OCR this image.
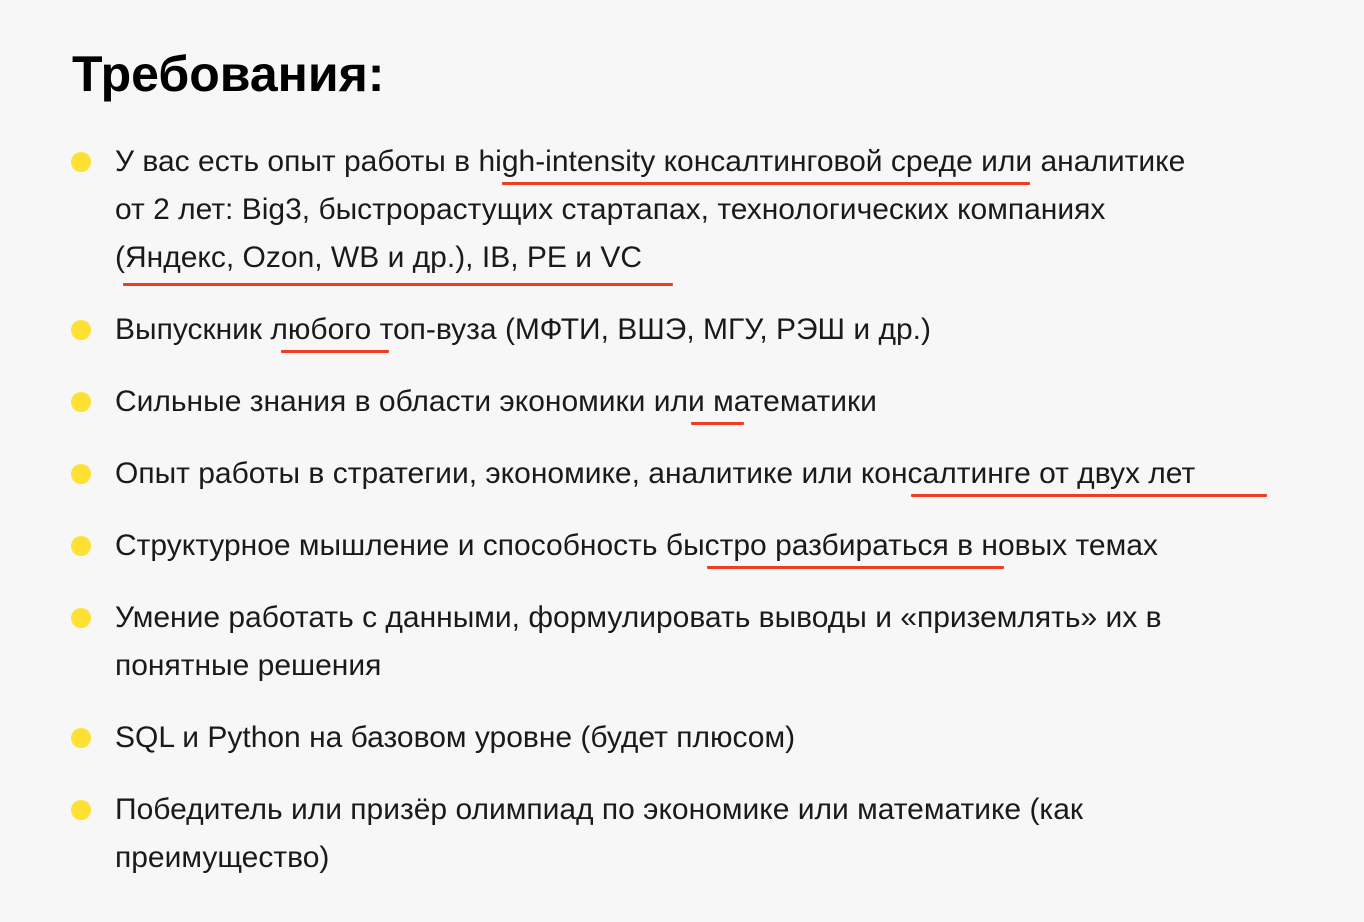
Требования:
У вас есть опыт работы в high-intensity консалтинговой среде или аналитике
от 2 лет: Big3, быстрорастущих стартапах, технологических компаниях
(Яндекс, Ozon, WB и др.), IB, PE и VC
Выпускник любого топ-вуза (МФТИ, ВШЭ, МГУ, РЭШ и др.)
Сильные знания в области экономики или математики
Опыт работы в стратегии, экономике, аналитике или консалтинге от двух лет
Структурное мышление и способность быстро разбираться в новых темах
Умение работать с данными, формулировать выводы и «приземлять» их в
понятные решения
SQL и Python на базовом уровне (будет плюсом)
Победитель или призёр олимпиад по экономике или математике (как
преимущество)
